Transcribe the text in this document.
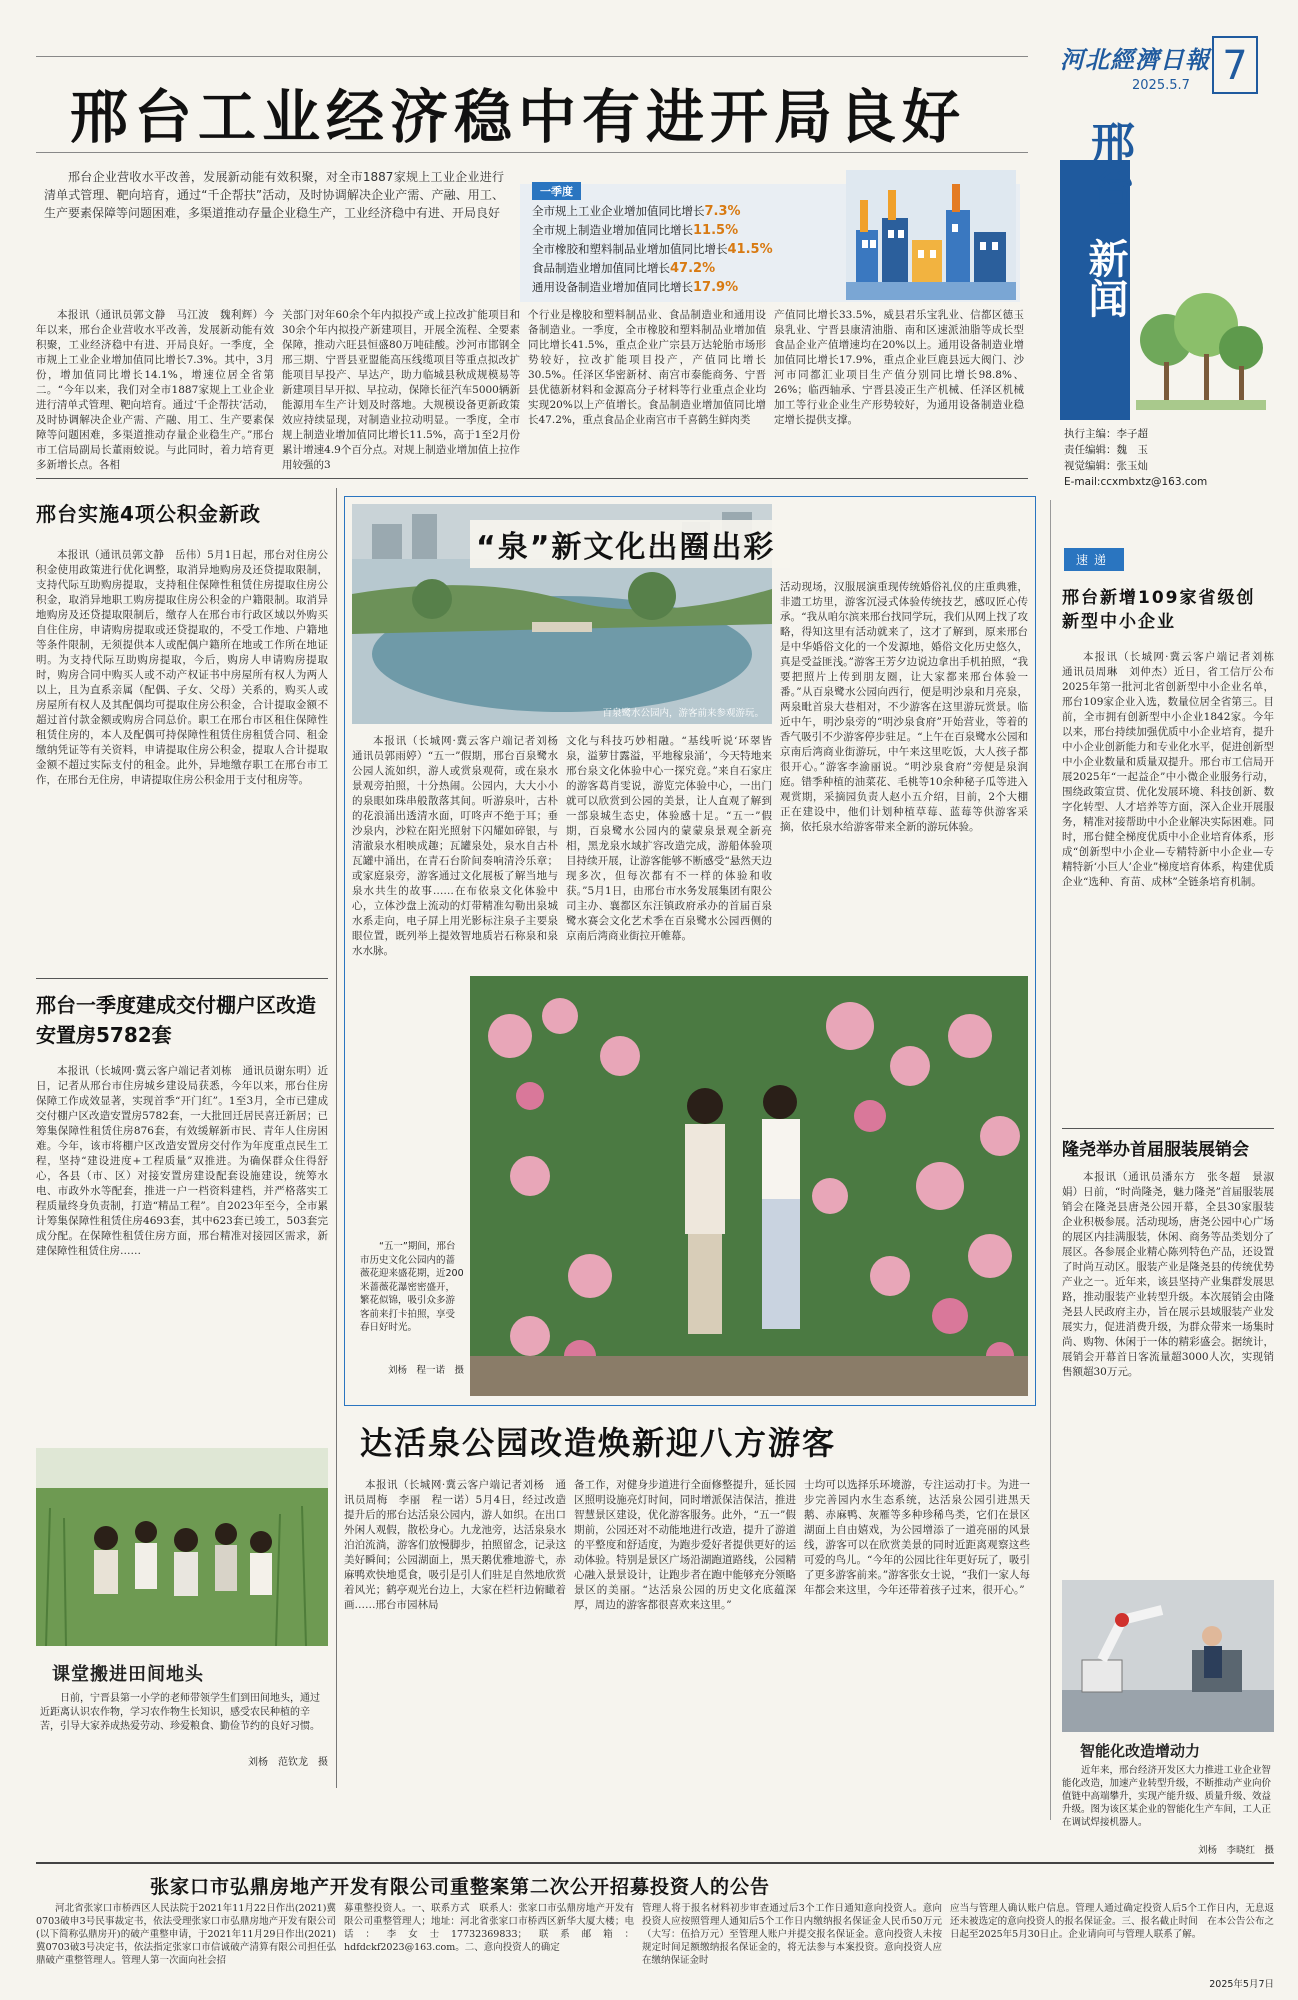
河北經濟日報
2025.5.7 7
邢台工业经济稳中有进开局良好

邢台企业营收水平改善，发展新动能有效积聚，对全市1887家规上工业企业进行清单式管理、靶向培育，通过“千企帮扶”活动，及时协调解决企业产需、产融、用工、生产要素保障等问题困难，多渠道推动存量企业稳生产，工业经济稳中有进、开局良好

一季度
全市规上工业企业增加值同比增长7.3%
全市规上制造业增加值同比增长11.5%
全市橡胶和塑料制品业增加值同比增长41.5%
食品制造业增加值同比增长47.2%
通用设备制造业增加值同比增长17.9%

本报讯（通讯员郭文静　马江波　魏利辉）今年以来，邢台企业营收水平改善，发展新动能有效积聚，工业经济稳中有进、开局良好。一季度，全市规上工业企业增加值同比增长7.3%。其中，3月份，增加值同比增长14.1%，增速位居全省第二。“今年以来，我们对全市1887家规上工业企业进行清单式管理、靶向培育。通过‘千企帮扶’活动，及时协调解决企业产需、产融、用工、生产要素保障等问题困难，多渠道推动存量企业稳生产。”邢台市工信局副局长董雨蛟说。与此同时，着力培育更多新增长点。各相

关部门对年60余个年内拟投产或上拉改扩能项目和30余个年内拟投产新建项目，开展全流程、全要素保障，推动六旺县恒盛80万吨硅酸。沙河市邯钢全邢三期、宁晋县亚盟能高压线缆项目等重点拟改扩能项目早投产、早达产，助力临城县秋成规模易等新建项目早开拟、早拉动，保障长征汽车5000辆新能源用车生产计划及时落地。大规模设备更新政策效应持续显现，对制造业拉动明显。一季度，全市规上制造业增加值同比增长11.5%，高于1至2月份累计增速4.9个百分点。对规上制造业增加值上拉作用较强的3

个行业是橡胶和塑料制品业、食品制造业和通用设备制造业。一季度，全市橡胶和塑料制品业增加值同比增长41.5%，重点企业广宗县万达轮胎市场形势较好，拉改扩能项目投产，产值同比增长30.5%。任泽区华密新材、南宫市泰能商务、宁晋县优德新材料和金源高分子材料等行业重点企业均实现20%以上产值增长。食品制造业增加值同比增长47.2%，重点食品企业南宫市千喜鹤生鲜肉类

产值同比增长33.5%，威县君乐宝乳业、信都区德玉泉乳业、宁晋县康清油脂、南和区速派油脂等成长型食品企业产值增速均在20%以上。通用设备制造业增加值同比增长17.9%，重点企业巨鹿县远大阀门、沙河市同都汇业项目生产值分别同比增长98.8%、26%；临西轴承、宁晋县凌正生产机械、任泽区机械加工等行业企业生产形势较好，为通用设备制造业稳定增长提供支撑。

邢台
新闻
执行主编：李子超
责任编辑：魏　玉
视觉编辑：张玉灿
E-mail:ccxmbxtz@163.com
速递
邢台新增109家省级创新型中小企业

本报讯（长城网·冀云客户端记者刘栋　通讯员周琳　刘仲杰）近日，省工信厅公布2025年第一批河北省创新型中小企业名单，邢台109家企业入选，数量位居全省第三。目前，全市拥有创新型中小企业1842家。今年以来，邢台持续加强优质中小企业培育，提升中小企业创新能力和专业化水平，促进创新型中小企业数量和质量双提升。邢台市工信局开展2025年“一起益企”中小微企业服务行动，围绕政策宣贯、优化发展环境、科技创新、数字化转型、人才培养等方面，深入企业开展服务，精准对接帮助中小企业解决实际困难。同时，邢台健全梯度优质中小企业培育体系，形成“创新型中小企业—专精特新中小企业—专精特新‘小巨人’企业”梯度培育体系，构建优质企业“选种、育苗、成林”全链条培育机制。

隆尧举办首届服装展销会

本报讯（通讯员潘东方　张冬超　景淑娟）日前，“时尚隆尧，魅力隆尧”首届服装展销会在隆尧县唐尧公园开幕，全县30家服装企业积极参展。活动现场，唐尧公园中心广场的展区内挂满服装，休闲、商务等品类划分了展区。各参展企业精心陈列特色产品，还设置了时尚互动区。服装产业是隆尧县的传统优势产业之一。近年来，该县坚持产业集群发展思路，推动服装产业转型升级。本次展销会由隆尧县人民政府主办，旨在展示县域服装产业发展实力，促进消费升级，为群众带来一场集时尚、购物、休闲于一体的精彩盛会。据统计，展销会开幕首日客流量超3000人次，实现销售额超30万元。

智能化改造增动力

近年来，邢台经济开发区大力推进工业企业智能化改造，加速产业转型升级，不断推动产业向价值链中高端攀升，实现产能升级、质量升级、效益升级。图为该区某企业的智能化生产车间，工人正在调试焊接机器人。

刘杨　李晓红　摄

邢台实施4项公积金新政

本报讯（通讯员郭文静　岳伟）5月1日起，邢台对住房公积金使用政策进行优化调整，取消异地购房及还贷提取限制，支持代际互助购房提取，支持租住保障性租赁住房提取住房公积金，取消异地职工购房提取住房公积金的户籍限制。取消异地购房及还贷提取限制后，缴存人在邢台市行政区域以外购买自住住房，申请购房提取或还贷提取的，不受工作地、户籍地等条件限制，无须提供本人或配偶户籍所在地或工作所在地证明。为支持代际互助购房提取，今后，购房人申请购房提取时，购房合同中购买人或不动产权证书中房屋所有权人为两人以上，且为直系亲属（配偶、子女、父母）关系的，购买人或房屋所有权人及其配偶均可提取住房公积金，合计提取金额不超过首付款金额或购房合同总价。职工在邢台市区租住保障性租赁住房的，本人及配偶可持保障性租赁住房租赁合同、租金缴纳凭证等有关资料，申请提取住房公积金，提取人合计提取金额不超过实际支付的租金。此外，异地缴存职工在邢台市工作，在邢台无住房，申请提取住房公积金用于支付租房等。

邢台一季度建成交付棚户区改造安置房5782套

本报讯（长城网·冀云客户端记者刘栋　通讯员谢东明）近日，记者从邢台市住房城乡建设局获悉，今年以来，邢台住房保障工作成效显著，实现首季“开门红”。1至3月，全市已建成交付棚户区改造安置房5782套，一大批回迁居民喜迁新居；已筹集保障性租赁住房876套，有效缓解新市民、青年人住房困难。今年，该市将棚户区改造安置房交付作为年度重点民生工程，坚持“建设进度+工程质量”双推进。为确保群众住得舒心，各县（市、区）对接安置房建设配套设施建设，统筹水电、市政外水等配套，推进一户一档资料建档，并严格落实工程质量终身负责制，打造“精品工程”。自2023年至今，全市累计筹集保障性租赁住房4693套，其中623套已竣工，503套完成分配。在保障性租赁住房方面，邢台精准对接园区需求，新建保障性租赁住房……

课堂搬进田间地头

日前，宁晋县第一小学的老师带领学生们到田间地头，通过近距离认识农作物，学习农作物生长知识，感受农民种植的辛苦，引导大家养成热爱劳动、珍爱粮食、勤俭节约的良好习惯。

刘杨　范钦龙　摄

百泉鹭水公园内，游客前来参观游玩。

“泉”新文化出圈出彩

本报讯（长城网·冀云客户端记者刘杨　通讯员郭雨婷）“五一”假期，邢台百泉鹭水公园人流如织，游人或赏泉观荷，或在泉水景观旁拍照，十分热闹。公园内，大大小小的泉眼如珠串般散落其间。听游泉叶，古朴的花浪涌出透清水面，叮咚声不绝于耳；垂沙泉内，沙粒在阳光照射下闪耀如碎银，与清澈泉水相映成趣；瓦罐泉处，泉水自古朴瓦罐中涌出，在青石台阶间奏响清泠乐章；或家庭泉旁，游客通过文化展板了解当地与泉水共生的故事……在布依泉文化体验中心，立体沙盘上流动的灯带精准勾勒出泉城水系走向，电子屏上用光影标注泉子主要泉眼位置，既列举上提效智地质岩石称泉和泉水水脉。

文化与科技巧妙相融。“基线听说‘环翠皆泉，溢萝甘露溢，平地稼泉涌’，今天特地来邢台泉文化体验中心一探究竟。”来自石家庄的游客葛肖雯说，游览完体验中心，一出门就可以欣赏到公园的美景，让人直观了解到一部泉城生态史，体验感十足。“五一”假期，百泉鹭水公园内的蒙蒙泉景观全新亮相，黑龙泉水域扩容改造完成，游船体验项目持续开展，让游客能够不断感受“悬然天边现多次，但每次都有不一样的体验和收获。”5月1日，由邢台市水务发展集团有限公司主办、襄都区东汪镇政府承办的首届百泉鹭水赛会文化艺术季在百泉鹭水公园西侧的京南后湾商业街拉开帷幕。

活动现场，汉服展演重现传统婚俗礼仪的庄重典雅，非遗工坊里，游客沉浸式体验传统技艺，感叹匠心传承。“我从咱尔滨来邢台找同学玩，我们从网上找了攻略，得知这里有活动就来了，这才了解到，原来邢台是中华婚俗文化的一个发源地，婚俗文化历史悠久，真是受益匪浅。”游客王芳夕边说边拿出手机拍照，“我要把照片上传到朋友圈，让大家都来邢台体验一番。”从百泉鹭水公园向西行，便是明沙泉和月亮泉，两泉毗首泉大巷相对，不少游客在这里游玩赏景。临近中午，明沙泉旁的“明沙泉食府”开始营业，等着的香气吸引不少游客停步驻足。“上午在百泉鹭水公园和京南后湾商业街游玩，中午来这里吃饭，大人孩子都很开心。”游客李渝丽说。“明沙泉食府”旁便是泉润庭。错季种植的油菜花、毛桃等10余种秘子瓜等进入观赏期，采摘园负责人赵小五介绍，目前，2个大棚正在建设中，他们计划种植草莓、蓝莓等供游客采摘，依托泉水给游客带来全新的游玩体验。

“五一”期间，邢台市历史文化公园内的蔷薇花迎来盛花期，近200米蔷薇花瀑密密盛开，繁花似锦，吸引众多游客前来打卡拍照，享受春日好时光。

刘杨　程一诺　摄

达活泉公园改造焕新迎八方游客

本报讯（长城网·冀云客户端记者刘杨　通讯员周梅　李丽　程一诺）5月4日，经过改造提升后的邢台达活泉公园内，游人如织。在出口外闲人观假，散松身心。九龙池旁，达活泉泉水泊泊流淌，游客们放慢脚步，拍照留念，记录这美好瞬间；公园湖面上，黑天鹅优雅地游弋，赤麻鸭欢快地觅食，吸引是引人们驻足自然地欣赏着风光；鹤亭观光台边上，大家在栏杆边俯瞰着画……邢台市园林局

备工作，对健身步道进行全面修整提升，延长园区照明设施亮灯时间，同时增派保洁保洁，推进智慧景区建设，优化游客服务。此外，“五一”假期前，公园还对不动能地进行改造，提升了游道的平整度和舒适度，为跑步爱好者提供更好的运动体验。特别是景区广场沿湖跑道路线，公园精心融入景景设计，让跑步者在跑中能够充分领略景区的美丽。“达活泉公园的历史文化底蕴深厚，周边的游客都很喜欢来这里。”

士均可以选择乐环境游，专注运动打卡。为进一步完善园内水生态系统，达活泉公园引进黑天鹅、赤麻鸭、灰雁等多种珍稀鸟类，它们在景区湖面上自由嬉戏，为公园增添了一道亮丽的风景线，游客可以在欣赏美景的同时近距离观察这些可爱的鸟儿。“今年的公园比往年更好玩了，吸引了更多游客前来。”游客张女士说，“我们一家人每年都会来这里，今年还带着孩子过来，很开心。”

张家口市弘鼎房地产开发有限公司重整案第二次公开招募投资人的公告

河北省张家口市桥西区人民法院于2021年11月22日作出(2021)冀0703破申3号民事裁定书，依法受理张家口市弘鼎房地产开发有限公司(以下简称弘鼎房开)的破产重整申请，于2021年11月29日作出(2021)冀0703破3号决定书，依法指定张家口市信诚破产清算有限公司担任弘鼎破产重整管理人。管理人第一次面向社会招

募重整投资人。一、联系方式　联系人：张家口市弘鼎房地产开发有限公司重整管理人；地址：河北省张家口市桥西区新华大厦大楼；电话：李女士17732369833；联系邮箱：hdfdckf2023@163.com。二、意向投资人的确定

管理人将于报名材料初步审查通过后3个工作日通知意向投资人。意向投资人应按照管理人通知后5个工作日内缴纳报名保证金人民币50万元（大写：伍拾万元）至管理人账户并提交报名保证金。意向投资人未按规定时间足额缴纳报名保证金的，将无法参与本案投资。意向投资人应在缴纳保证金时

应当与管理人确认账户信息。管理人通过确定投资人后5个工作日内，无息返还未被选定的意向投资人的报名保证金。三、报名截止时间　在本公告公布之日起至2025年5月30日止。企业请向可与管理人联系了解。

2025年5月7日
